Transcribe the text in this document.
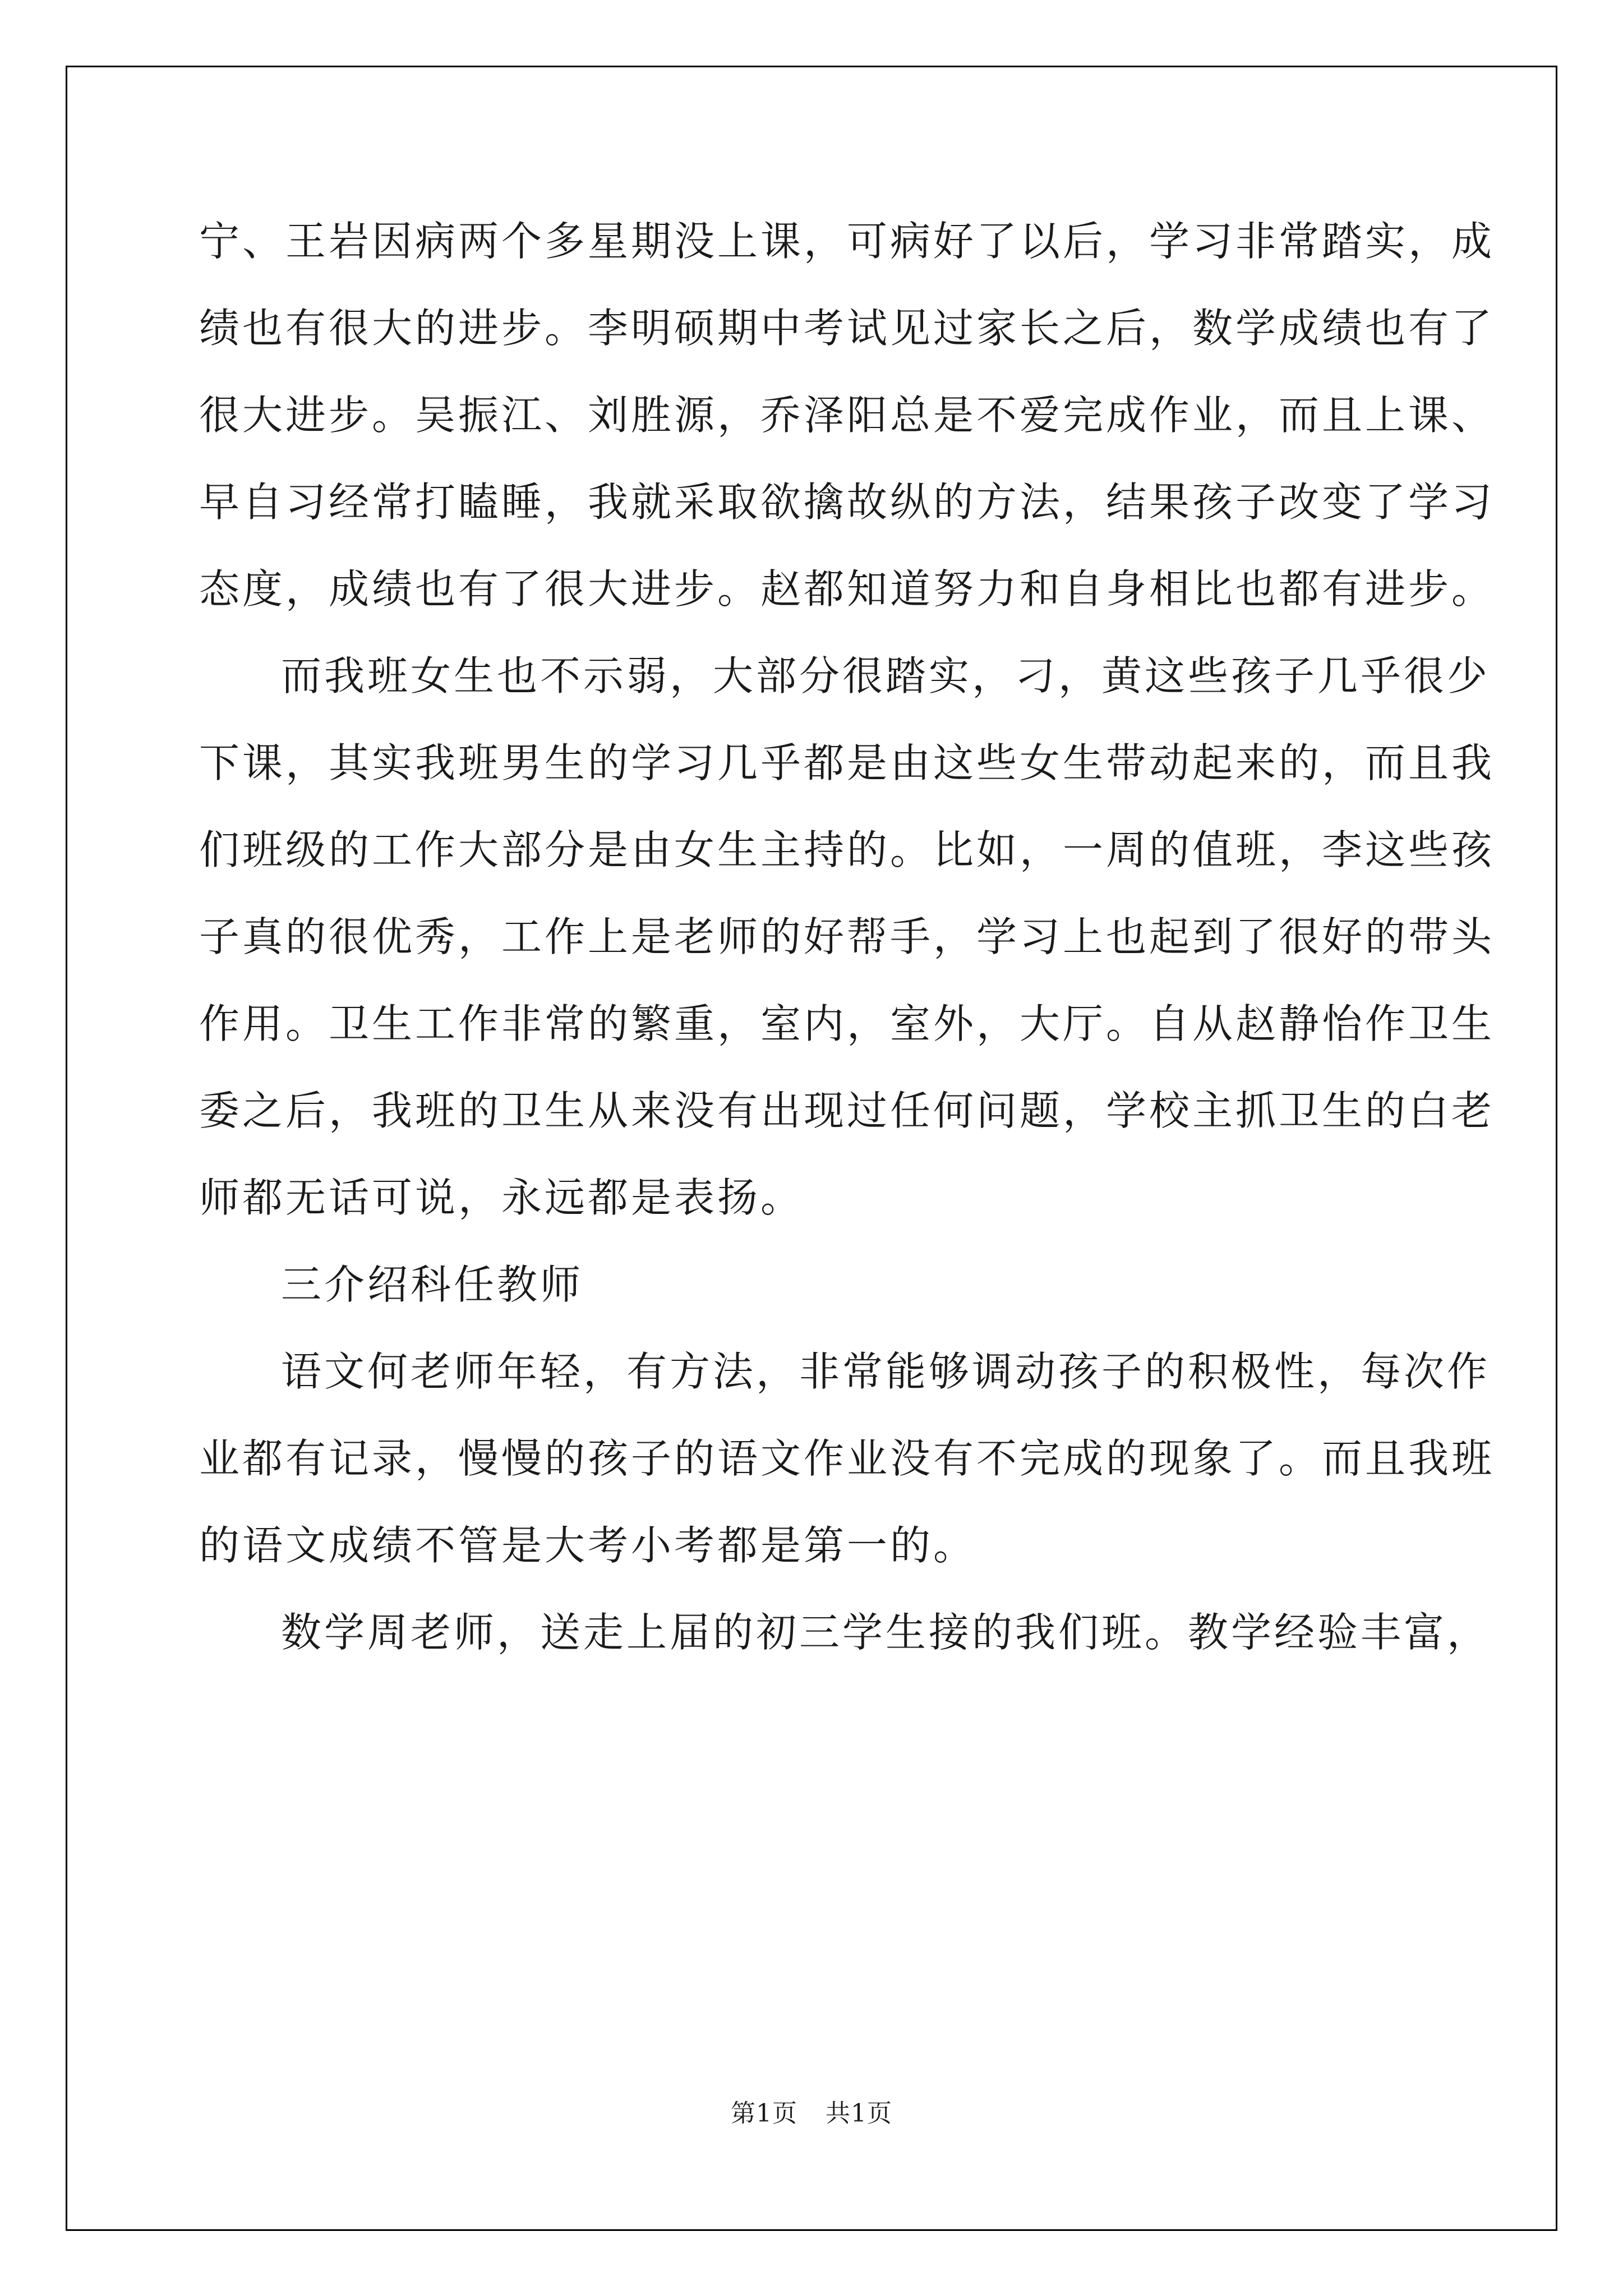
宁、王岩因病两个多星期没上课，可病好了以后，学习非常踏实，成
绩也有很大的进步。李明硕期中考试见过家长之后，数学成绩也有了
很大进步。吴振江、刘胜源，乔泽阳总是不爱完成作业，而且上课、
早自习经常打瞌睡，我就采取欲擒故纵的方法，结果孩子改变了学习
态度，成绩也有了很大进步。赵都知道努力和自身相比也都有进步。
而我班女生也不示弱，大部分很踏实，刁，黄这些孩子几乎很少
下课，其实我班男生的学习几乎都是由这些女生带动起来的，而且我
们班级的工作大部分是由女生主持的。比如，一周的值班，李这些孩
子真的很优秀，工作上是老师的好帮手，学习上也起到了很好的带头
作用。卫生工作非常的繁重，室内，室外，大厅。自从赵静怡作卫生
委之后，我班的卫生从来没有出现过任何问题，学校主抓卫生的白老
师都无话可说，永远都是表扬。
三介绍科任教师
语文何老师年轻，有方法，非常能够调动孩子的积极性，每次作
业都有记录，慢慢的孩子的语文作业没有不完成的现象了。而且我班
的语文成绩不管是大考小考都是第一的。
数学周老师，送走上届的初三学生接的我们班。教学经验丰富，
第1页 共1页
